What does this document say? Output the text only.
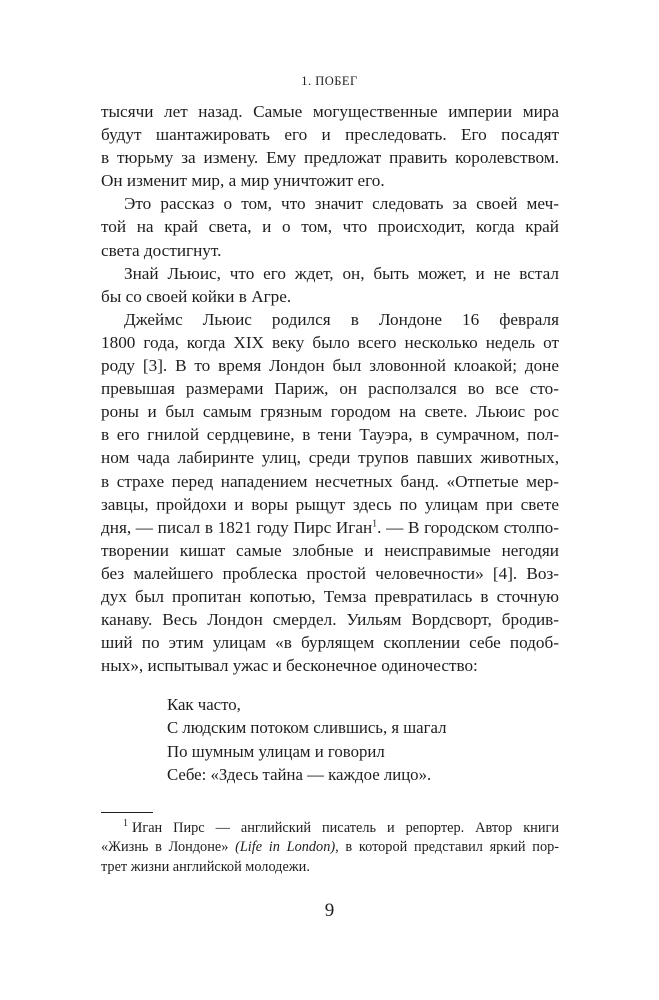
1. ПОБЕГ
тысячи лет назад. Самые могущественные империи мира
будут шантажировать его и преследовать. Его посадят
в тюрьму за измену. Ему предложат править королевством.
Он изменит мир, а мир уничтожит его.
Это рассказ о том, что значит следовать за своей меч-
той на край света, и о том, что происходит, когда край
света достигнут.
Знай Льюис, что его ждет, он, быть может, и не встал
бы со своей койки в Агре.
Джеймс Льюис родился в Лондоне 16 февраля
1800 года, когда XIX веку было всего несколько недель от
роду [3]. В то время Лондон был зловонной клоакой; доне
превышая размерами Париж, он расползался во все сто-
роны и был самым грязным городом на свете. Льюис рос
в его гнилой сердцевине, в тени Тауэра, в сумрачном, пол-
ном чада лабиринте улиц, среди трупов павших животных,
в страхе перед нападением несчетных банд. «Отпетые мер-
завцы, пройдохи и воры рыщут здесь по улицам при свете
дня, — писал в 1821 году Пирс Иган$^1$. — В городском столпо-
творении кишат самые злобные и неисправимые негодяи
без малейшего проблеска простой человечности» [4]. Воз-
дух был пропитан копотью, Темза превратилась в сточную
канаву. Весь Лондон смердел. Уильям Вордсворт, бродив-
ший по этим улицам «в бурлящем скоплении себе подоб-
ных», испытывал ужас и бесконечное одиночество:
Как часто,
С людским потоком слившись, я шагал
По шумным улицам и говорил
Себе: «Здесь тайна — каждое лицо».
$^1$ Иган Пирс — английский писатель и репортер. Автор книги
«Жизнь в Лондоне» (Life in London), в которой представил яркий пор-
трет жизни английской молодежи.
9
